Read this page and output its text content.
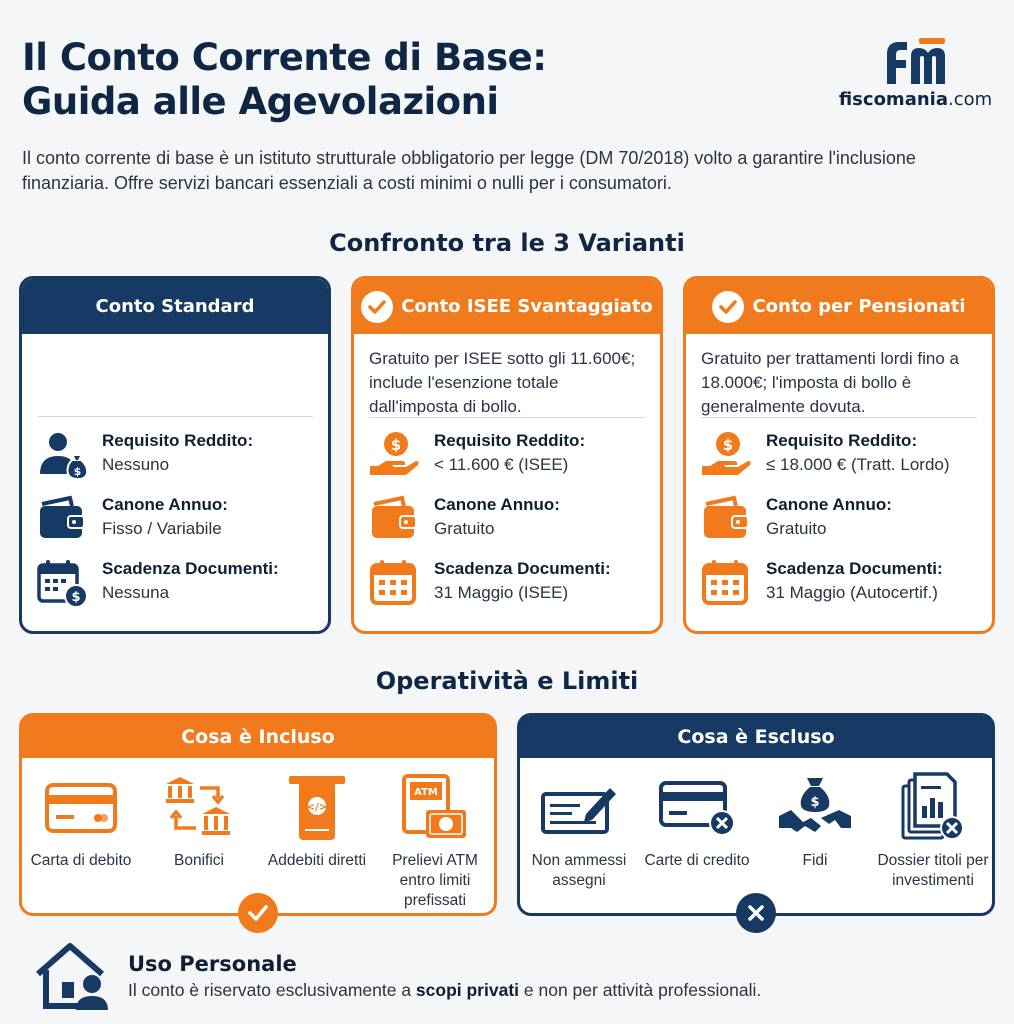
Il Conto Corrente di Base:
Guida alle Agevolazioni	fiscomania.com

Il conto corrente di base è un istituto strutturale obbligatorio per legge (DM 70/2018) volto a garantire l'inclusione finanziaria. Offre servizi bancari essenziali a costi minimi o nulli per i consumatori.

Confronto tra le 3 Varianti
Conto Standard
$
Requisito Reddito:
Nessuno
Canone Annuo:
Fisso / Variabile
$
Scadenza Documenti:
Nessuna
Conto ISEE Svantaggiato
Gratuito per ISEE sotto gli 11.600€; include l'esenzione totale dall'imposta di bollo.
$ Requisito Reddito:
< 11.600 € (ISEE)
Canone Annuo:
Gratuito
Scadenza Documenti:
31 Maggio (ISEE)
Conto per Pensionati
Gratuito per trattamenti lordi fino a 18.000€; l'imposta di bollo è generalmente dovuta.
$ Requisito Reddito:
≤ 18.000 € (Tratt. Lordo)
Canone Annuo:
Gratuito
Scadenza Documenti:
31 Maggio (Autocertif.)
Operatività e Limiti
Cosa è Incluso
Carta di debito	Bonifici
</>
Addebiti diretti
ATM
Prelievi ATM entro limiti prefissati
Cosa è Escluso
Non ammessi assegni
Carte di credito
$
Fidi	Dossier titoli per investimenti
Uso Personale
Il conto è riservato esclusivamente a scopi privati e non per attività professionali.
